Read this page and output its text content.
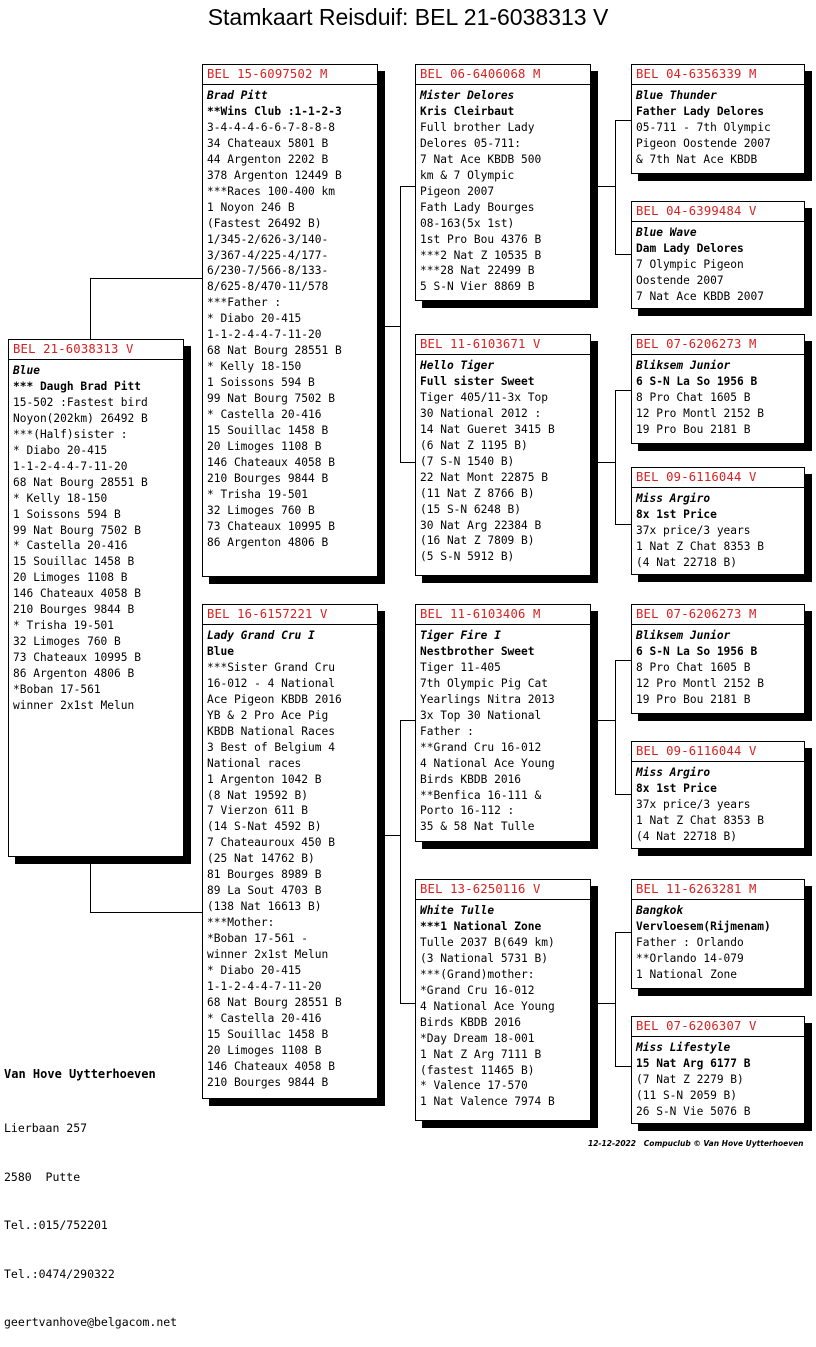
Stamkaart Reisduif: BEL 21-6038313 V
BEL 21-6038313 V
Blue
*** Daugh Brad Pitt
15-502 :Fastest bird
Noyon(202km) 26492 B
***(Half)sister :
* Diabo 20-415
1-1-2-4-4-7-11-20
68 Nat Bourg 28551 B
* Kelly 18-150
1 Soissons 594 B
99 Nat Bourg 7502 B
* Castella 20-416
15 Souillac 1458 B
20 Limoges 1108 B
146 Chateaux 4058 B
210 Bourges 9844 B
* Trisha 19-501
32 Limoges 760 B
73 Chateaux 10995 B
86 Argenton 4806 B
*Boban 17-561
winner 2x1st Melun
BEL 15-6097502 M
Brad Pitt
**Wins Club :1-1-2-3
3-4-4-4-6-6-7-8-8-8
34 Chateaux 5801 B
44 Argenton 2202 B
378 Argenton 12449 B
***Races 100-400 km
1 Noyon 246 B
(Fastest 26492 B)
1/345-2/626-3/140-
3/367-4/225-4/177-
6/230-7/566-8/133-
8/625-8/470-11/578
***Father :
* Diabo 20-415
1-1-2-4-4-7-11-20
68 Nat Bourg 28551 B
* Kelly 18-150
1 Soissons 594 B
99 Nat Bourg 7502 B
* Castella 20-416
15 Souillac 1458 B
20 Limoges 1108 B
146 Chateaux 4058 B
210 Bourges 9844 B
* Trisha 19-501
32 Limoges 760 B
73 Chateaux 10995 B
86 Argenton 4806 B
BEL 16-6157221 V
Lady Grand Cru I
Blue
***Sister Grand Cru
16-012 - 4 National
Ace Pigeon KBDB 2016
YB & 2 Pro Ace Pig
KBDB National Races
3 Best of Belgium 4
National races
1 Argenton 1042 B
(8 Nat 19592 B)
7 Vierzon 611 B
(14 S-Nat 4592 B)
7 Chateauroux 450 B
(25 Nat 14762 B)
81 Bourges 8989 B
89 La Sout 4703 B
(138 Nat 16613 B)
***Mother:
*Boban 17-561 -
winner 2x1st Melun
* Diabo 20-415
1-1-2-4-4-7-11-20
68 Nat Bourg 28551 B
* Castella 20-416
15 Souillac 1458 B
20 Limoges 1108 B
146 Chateaux 4058 B
210 Bourges 9844 B
BEL 06-6406068 M
Mister Delores
Kris Cleirbaut
Full brother Lady
Delores 05-711:
7 Nat Ace KBDB 500
km & 7 Olympic
Pigeon 2007
Fath Lady Bourges
08-163(5x 1st)
1st Pro Bou 4376 B
***2 Nat Z 10535 B
***28 Nat 22499 B
5 S-N Vier 8869 B
BEL 11-6103671 V
Hello Tiger
Full sister Sweet
Tiger 405/11-3x Top
30 National 2012 :
14 Nat Gueret 3415 B
(6 Nat Z 1195 B)
(7 S-N 1540 B)
22 Nat Mont 22875 B
(11 Nat Z 8766 B)
(15 S-N 6248 B)
30 Nat Arg 22384 B
(16 Nat Z 7809 B)
(5 S-N 5912 B)
BEL 11-6103406 M
Tiger Fire I
Nestbrother Sweet
Tiger 11-405
7th Olympic Pig Cat
Yearlings Nitra 2013
3x Top 30 National
Father :
**Grand Cru 16-012
4 National Ace Young
Birds KBDB 2016
**Benfica 16-111 &
Porto 16-112 :
35 & 58 Nat Tulle
BEL 13-6250116 V
White Tulle
***1 National Zone
Tulle 2037 B(649 km)
(3 National 5731 B)
***(Grand)mother:
*Grand Cru 16-012
4 National Ace Young
Birds KBDB 2016
*Day Dream 18-001
1 Nat Z Arg 7111 B
(fastest 11465 B)
* Valence 17-570
1 Nat Valence 7974 B
BEL 04-6356339 M
Blue Thunder
Father Lady Delores
05-711 - 7th Olympic
Pigeon Oostende 2007
& 7th Nat Ace KBDB
BEL 04-6399484 V
Blue Wave
Dam Lady Delores
7 Olympic Pigeon
Oostende 2007
7 Nat Ace KBDB 2007
BEL 07-6206273 M
Bliksem Junior
6 S-N La So 1956 B
8 Pro Chat 1605 B
12 Pro Montl 2152 B
19 Pro Bou 2181 B
BEL 09-6116044 V
Miss Argiro
8x 1st Price
37x price/3 years
1 Nat Z Chat 8353 B
(4 Nat 22718 B)
BEL 07-6206273 M
Bliksem Junior
6 S-N La So 1956 B
8 Pro Chat 1605 B
12 Pro Montl 2152 B
19 Pro Bou 2181 B
BEL 09-6116044 V
Miss Argiro
8x 1st Price
37x price/3 years
1 Nat Z Chat 8353 B
(4 Nat 22718 B)
BEL 11-6263281 M
Bangkok
Vervloesem(Rijmenam)
Father : Orlando
**Orlando 14-079
1 National Zone
BEL 07-6206307 V
Miss Lifestyle
15 Nat Arg 6177 B
(7 Nat Z 2279 B)
(11 S-N 2059 B)
26 S-N Vie 5076 B

Van Hove Uytterhoeven

Lierbaan 257

2580  Putte

Tel.:015/752201

Tel.:0474/290322

geertvanhove@belgacom.net

12-12-2022   Compuclub © Van Hove Uytterhoeven
